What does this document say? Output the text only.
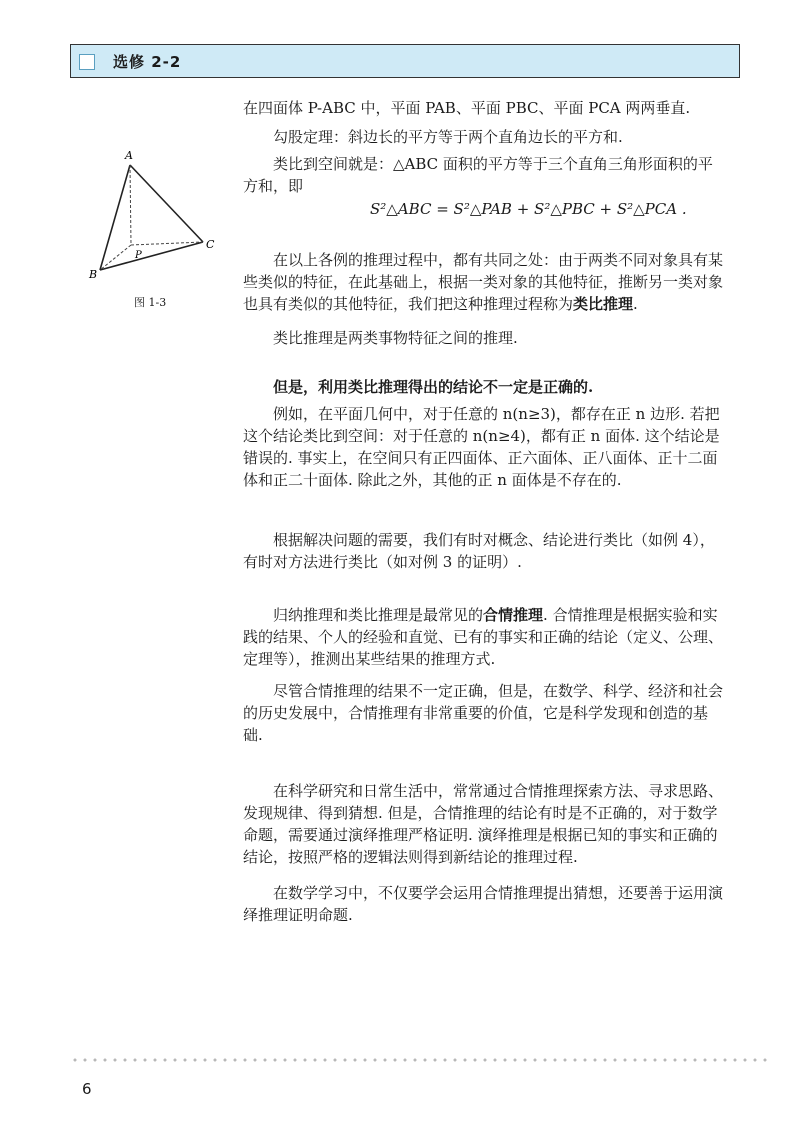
选修 2-2
A
B
C
P
图 1-3
在四面体 P-ABC 中，平面 PAB、平面 PBC、平面 PCA 两两垂直.
勾股定理：斜边长的平方等于两个直角边长的平方和.
类比到空间就是：△ABC 面积的平方等于三个直角三角形面积的平方和，即
S²△ABC = S²△PAB + S²△PBC + S²△PCA .
在以上各例的推理过程中，都有共同之处：由于两类不同对象具有某些类似的特征，在此基础上，根据一类对象的其他特征，推断另一类对象也具有类似的其他特征，我们把这种推理过程称为类比推理.
类比推理是两类事物特征之间的推理.
但是，利用类比推理得出的结论不一定是正确的.
例如，在平面几何中，对于任意的 n(n≥3)，都存在正 n 边形. 若把这个结论类比到空间：对于任意的 n(n≥4)，都有正 n 面体. 这个结论是错误的. 事实上，在空间只有正四面体、正六面体、正八面体、正十二面体和正二十面体. 除此之外，其他的正 n 面体是不存在的.
根据解决问题的需要，我们有时对概念、结论进行类比（如例 4），有时对方法进行类比（如对例 3 的证明）.
归纳推理和类比推理是最常见的合情推理. 合情推理是根据实验和实践的结果、个人的经验和直觉、已有的事实和正确的结论（定义、公理、定理等），推测出某些结果的推理方式.
尽管合情推理的结果不一定正确，但是，在数学、科学、经济和社会的历史发展中，合情推理有非常重要的价值，它是科学发现和创造的基础.
在科学研究和日常生活中，常常通过合情推理探索方法、寻求思路、发现规律、得到猜想. 但是，合情推理的结论有时是不正确的，对于数学命题，需要通过演绎推理严格证明. 演绎推理是根据已知的事实和正确的结论，按照严格的逻辑法则得到新结论的推理过程.
在数学学习中，不仅要学会运用合情推理提出猜想，还要善于运用演绎推理证明命题.
6
